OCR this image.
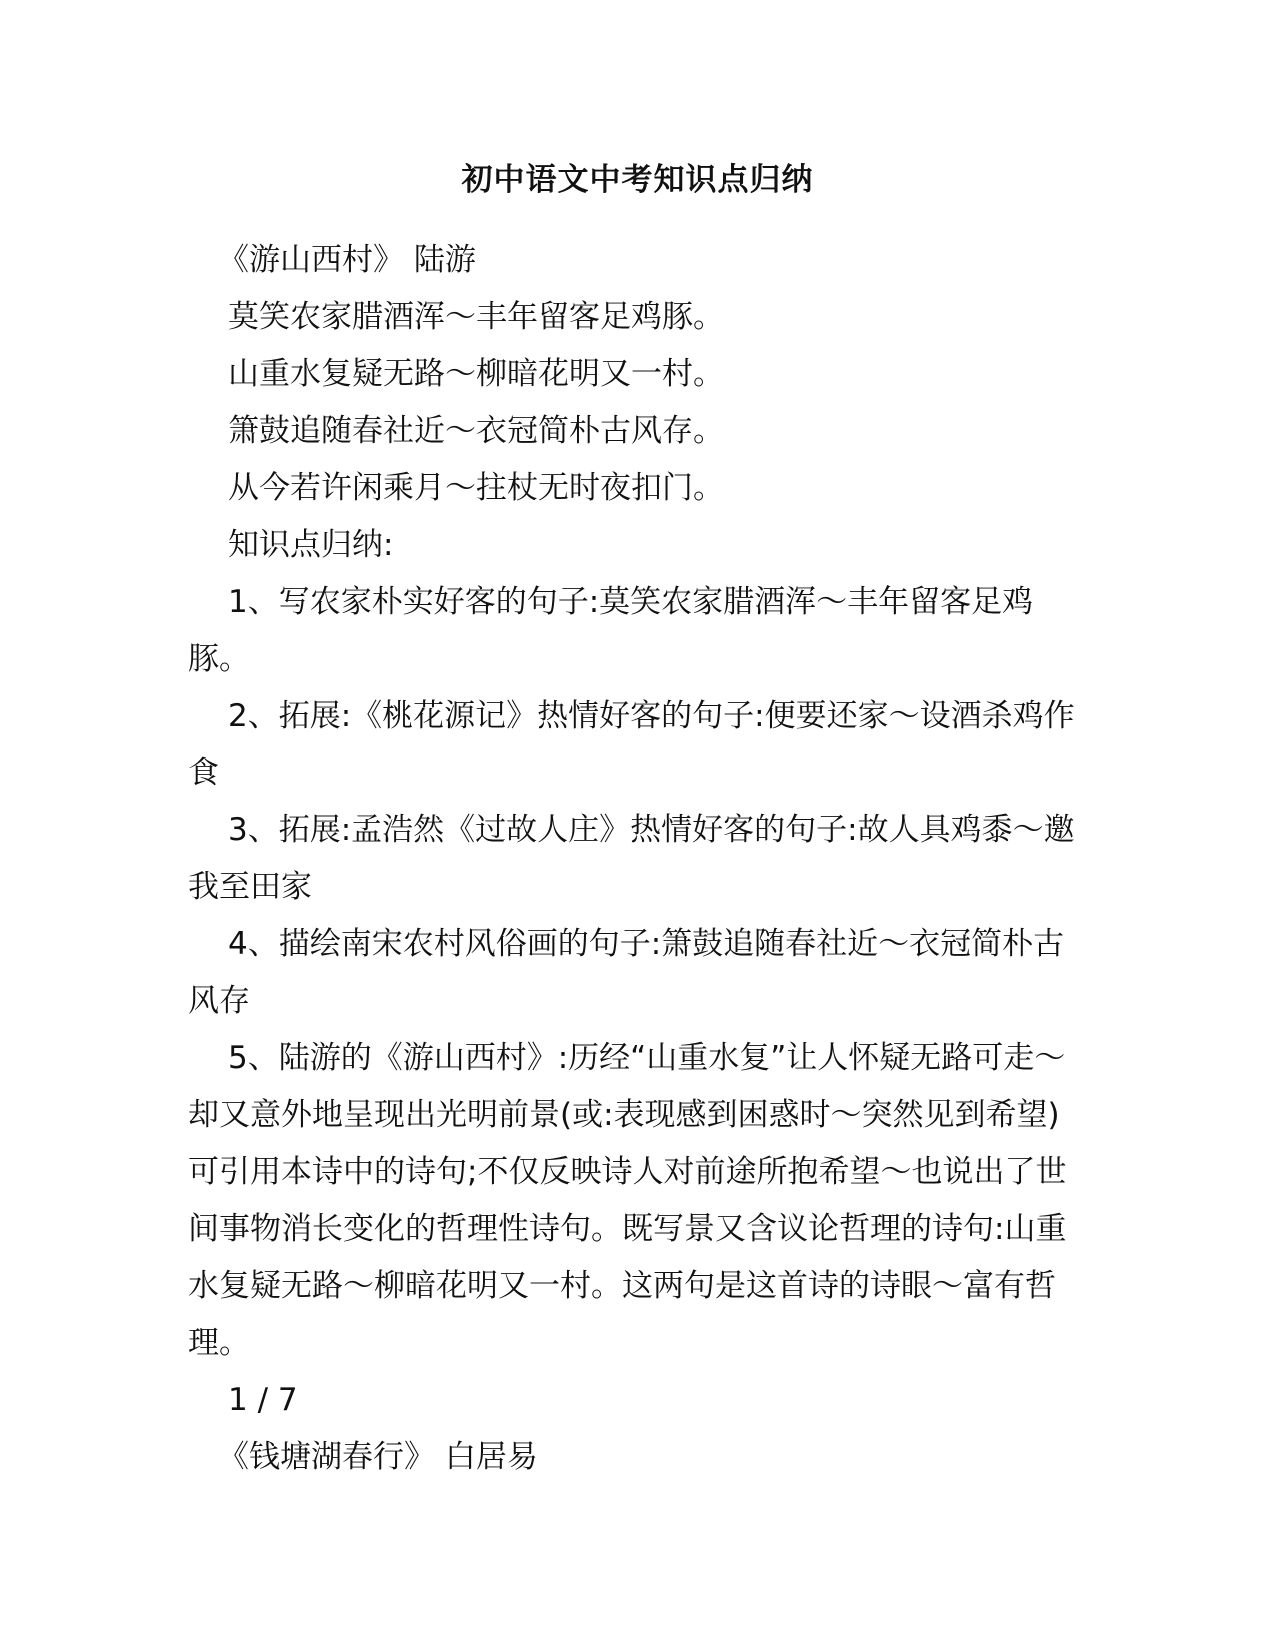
初中语文中考知识点归纳

《游山西村》 陆游

莫笑农家腊酒浑～丰年留客足鸡豚。

山重水复疑无路～柳暗花明又一村。

箫鼓追随春社近～衣冠简朴古风存。

从今若许闲乘月～拄杖无时夜扣门。

知识点归纳:

1、写农家朴实好客的句子:莫笑农家腊酒浑～丰年留客足鸡豚。

2、拓展:《桃花源记》热情好客的句子:便要还家～设酒杀鸡作食

3、拓展:孟浩然《过故人庄》热情好客的句子:故人具鸡黍～邀我至田家

4、描绘南宋农村风俗画的句子:箫鼓追随春社近～衣冠简朴古风存

5、陆游的《游山西村》:历经“山重水复”让人怀疑无路可走～却又意外地呈现出光明前景(或:表现感到困惑时～突然见到希望)可引用本诗中的诗句;不仅反映诗人对前途所抱希望～也说出了世间事物消长变化的哲理性诗句。既写景又含议论哲理的诗句:山重水复疑无路～柳暗花明又一村。这两句是这首诗的诗眼～富有哲理。

1 / 7

《钱塘湖春行》 白居易
